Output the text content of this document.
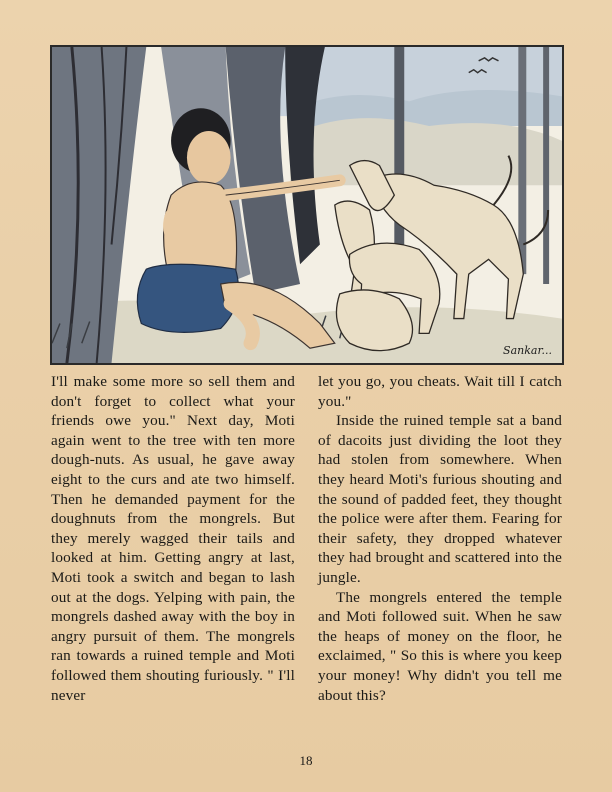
Sankar...

I'll make some more so sell them and don't forget to collect what your friends owe you." Next day, Moti again went to the tree with ten more dough-nuts. As usual, he gave away eight to the curs and ate two himself. Then he demanded payment for the doughnuts from the mongrels. But they merely wagged their tails and looked at him. Getting angry at last, Moti took a switch and began to lash out at the dogs. Yelping with pain, the mongrels dashed away with the boy in angry pursuit of them. The mongrels ran towards a ruined temple and Moti followed them shouting furiously. " I'll never

let you go, you cheats. Wait till I catch you."

Inside the ruined temple sat a band of dacoits just dividing the loot they had stolen from somewhere. When they heard Moti's furious shouting and the sound of padded feet, they thought the police were after them. Fearing for their safety, they dropped whatever they had brought and scattered into the jungle.

The mongrels entered the temple and Moti followed suit. When he saw the heaps of money on the floor, he exclaimed, " So this is where you keep your money! Why didn't you tell me about this?

18
